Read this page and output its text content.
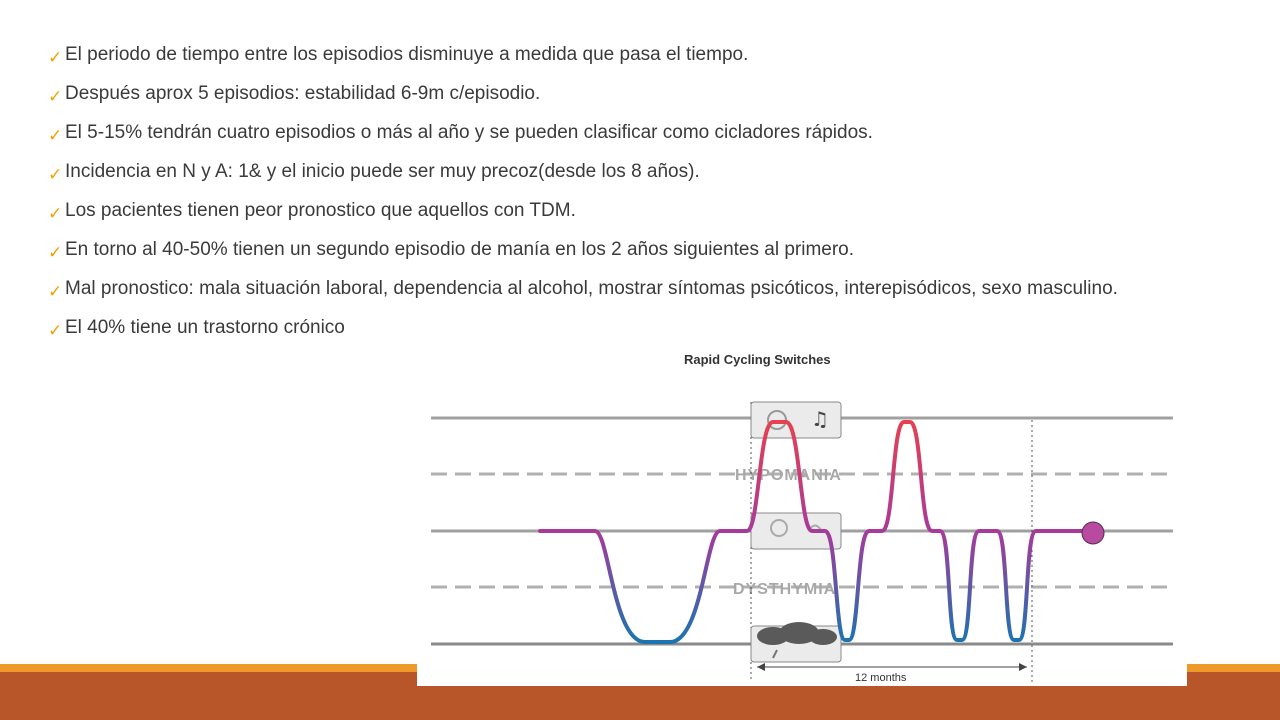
✓ El periodo de tiempo entre los episodios disminuye a medida que pasa el tiempo.
✓ Después aprox 5 episodios: estabilidad 6-9m c/episodio.
✓ El 5-15% tendrán cuatro episodios o más al año y se pueden clasificar como cicladores rápidos.
✓ Incidencia en N y A: 1& y el inicio puede ser muy precoz(desde los 8 años).
✓ Los pacientes tienen peor pronostico que aquellos con TDM.
✓ En torno al 40-50% tienen un segundo episodio de manía en los 2 años siguientes al primero.
✓ Mal pronostico: mala situación laboral, dependencia al alcohol, mostrar síntomas psicóticos, interepisódicos, sexo masculino.
✓ El 40% tiene un trastorno crónico
Rapid Cycling Switches
HYPOMANIA
DYSTHYMIA
♫
12 months
